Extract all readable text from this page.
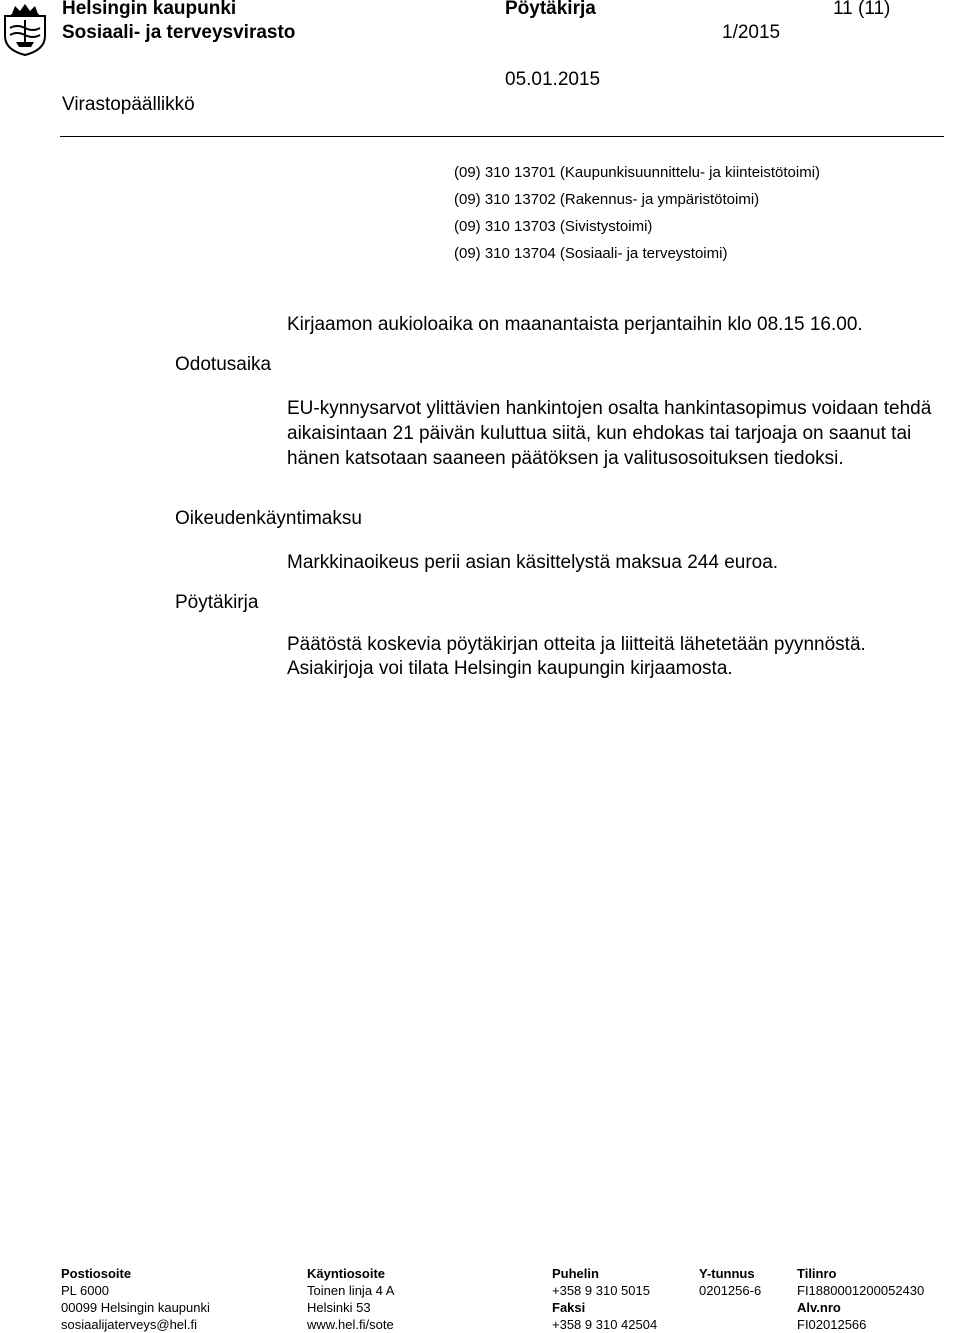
Helsingin kaupunki
Sosiaali- ja terveysvirasto
Pöytäkirja
1/2015
11 (11)
05.01.2015
Virastopäällikkö
(09) 310 13701 (Kaupunkisuunnittelu- ja kiinteistötoimi)
(09) 310 13702 (Rakennus- ja ympäristötoimi)
(09) 310 13703 (Sivistystoimi)
(09) 310 13704 (Sosiaali- ja terveystoimi)
Kirjaamon aukioloaika on maanantaista perjantaihin klo 08.15 16.00.
Odotusaika
EU-kynnysarvot ylittävien hankintojen osalta hankintasopimus voidaan tehdä aikaisintaan 21 päivän kuluttua siitä, kun ehdokas tai tarjoaja on saanut tai hänen katsotaan saaneen päätöksen ja valitusosoituksen tiedoksi.
Oikeudenkäyntimaksu
Markkinaoikeus perii asian käsittelystä maksua 244 euroa.
Pöytäkirja
Päätöstä koskevia pöytäkirjan otteita ja liitteitä lähetetään pyynnöstä.
Asiakirjoja voi tilata Helsingin kaupungin kirjaamosta.
Postiosoite
PL 6000
00099 Helsingin kaupunki
sosiaalijaterveys@hel.fi
Käyntiosoite
Toinen linja 4 A
Helsinki 53
www.hel.fi/sote
Puhelin
+358 9 310 5015
Faksi
+358 9 310 42504
Y-tunnus
0201256-6
Tilinro
FI1880001200052430
Alv.nro
FI02012566
